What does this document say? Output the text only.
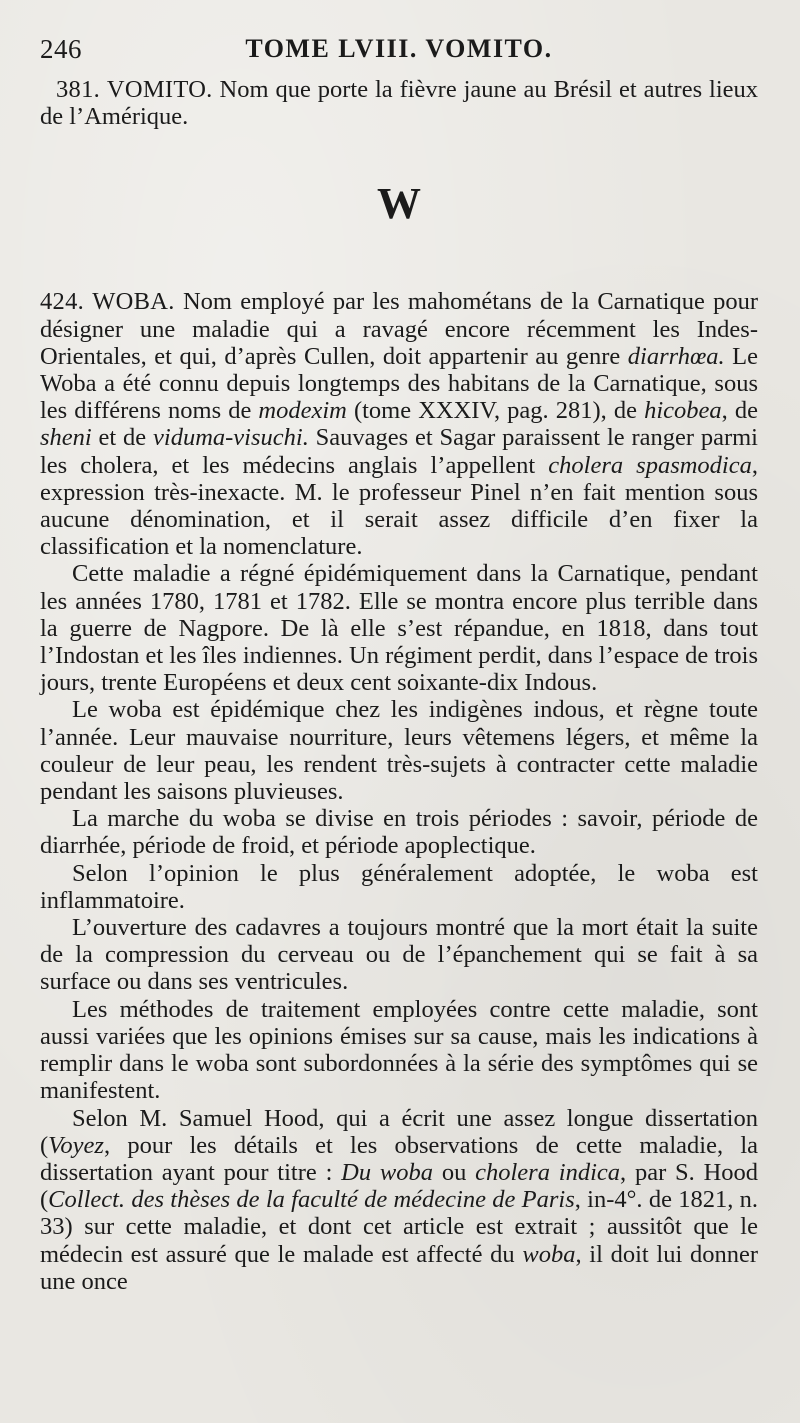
246	TOME LVIII. VOMITO.

381. VOMITO. Nom que porte la fièvre jaune au Brésil et autres lieux de l’Amérique.

W

424. WOBA. Nom employé par les mahométans de la Carnatique pour désigner une maladie qui a ravagé encore récemment les Indes-Orientales, et qui, d’après Cullen, doit appartenir au genre diarrhœa. Le Woba a été connu depuis longtemps des habitans de la Carnatique, sous les différens noms de modexim (tome XXXIV, pag. 281), de hicobea, de sheni et de viduma-visuchi. Sauvages et Sagar paraissent le ranger parmi les cholera, et les médecins anglais l’appellent cholera spasmodica, expression très-inexacte. M. le professeur Pinel n’en fait mention sous aucune dénomination, et il serait assez difficile d’en fixer la classification et la nomenclature.

Cette maladie a régné épidémiquement dans la Carnatique, pendant les années 1780, 1781 et 1782. Elle se montra encore plus terrible dans la guerre de Nagpore. De là elle s’est répandue, en 1818, dans tout l’Indostan et les îles indiennes. Un régiment perdit, dans l’espace de trois jours, trente Européens et deux cent soixante-dix Indous.

Le woba est épidémique chez les indigènes indous, et règne toute l’année. Leur mauvaise nourriture, leurs vêtemens légers, et même la couleur de leur peau, les rendent très-sujets à contracter cette maladie pendant les saisons pluvieuses.

La marche du woba se divise en trois périodes : savoir, période de diarrhée, période de froid, et période apoplectique.

Selon l’opinion le plus généralement adoptée, le woba est inflammatoire.

L’ouverture des cadavres a toujours montré que la mort était la suite de la compression du cerveau ou de l’épanchement qui se fait à sa surface ou dans ses ventricules.

Les méthodes de traitement employées contre cette maladie, sont aussi variées que les opinions émises sur sa cause, mais les indications à remplir dans le woba sont subordonnées à la série des symptômes qui se manifestent.

Selon M. Samuel Hood, qui a écrit une assez longue dissertation (Voyez, pour les détails et les observations de cette maladie, la dissertation ayant pour titre : Du woba ou cholera indica, par S. Hood (Collect. des thèses de la faculté de médecine de Paris, in-4°. de 1821, n. 33) sur cette maladie, et dont cet article est extrait ; aussitôt que le médecin est assuré que le malade est affecté du woba, il doit lui donner une once
